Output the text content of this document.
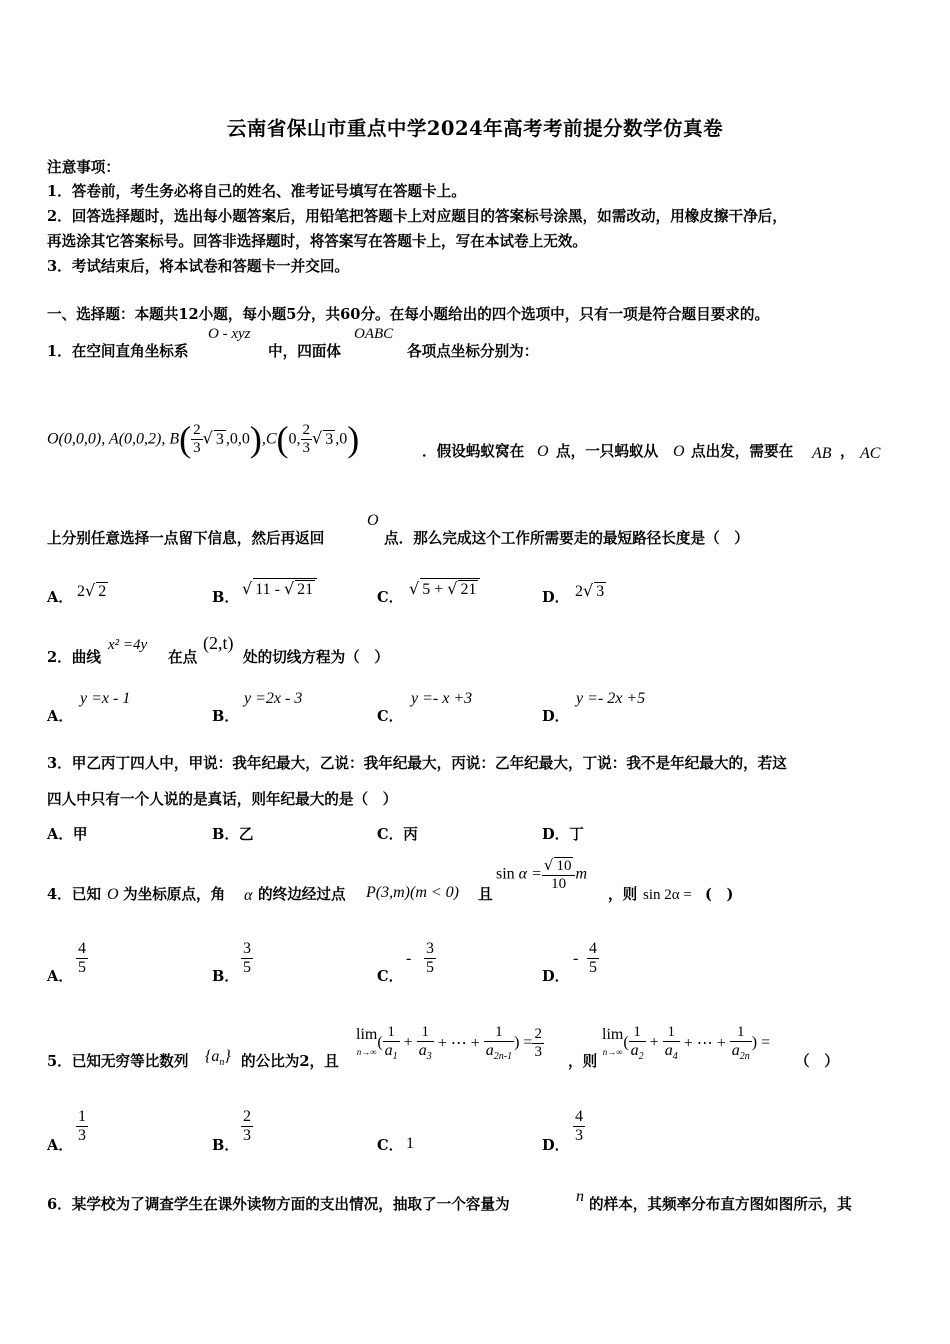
云南省保山市重点中学2024年高考考前提分数学仿真卷
注意事项：
1．答卷前，考生务必将自己的姓名、准考证号填写在答题卡上。
2．回答选择题时，选出每小题答案后，用铅笔把答题卡上对应题目的答案标号涂黑，如需改动，用橡皮擦干净后，
再选涂其它答案标号。回答非选择题时，将答案写在答题卡上，写在本试卷上无效。
3．考试结束后，将本试卷和答题卡一并交回。
一、选择题：本题共12小题，每小题5分，共60分。在每小题给出的四个选项中，只有一项是符合题目要求的。
1．在空间直角坐标系
O - xyz
中，四面体
OABC
各项点坐标分别为：
O(0,0,0), A(0,0,2), $B( \frac{2}{3}$ √ 3 ,0,0),C(0, $\frac{2}{3}$ √ 3 ,0)	．假设蚂蚁窝在 O 点，一只蚂蚁从 O 点出发，需要在 AB ， AC
上分别任意选择一点留下信息，然后再返回
O
点．那么完成这个工作所需要走的最短路径长度是（　）
A． 2√ 2	B． √ 11 - √ 21	C． √ 5 + √ 21	D． 2√ 3
2．曲线
x² =4y
在点
(2,t)
处的切线方程为（　）
A．
y =x - 1
B．
y =2x - 3
C．
y =- x +3
D．
y =- 2x +5
3．甲乙丙丁四人中，甲说：我年纪最大，乙说：我年纪最大，丙说：乙年纪最大，丁说：我不是年纪最大的，若这
四人中只有一个人说的是真话，则年纪最大的是（　）
A．甲	B．乙	C．丙	D．丁
4．已知 O 为坐标原点，角 α 的终边经过点 P(3,m)(m < 0) 且
$\sin \alpha = \frac{√ 10}{10}$ m
，则 sin 2α = (　)
A． $\frac{4}{5}$	B． $\frac{3}{5}$	C．
- $\frac{3}{5}$	D．
- $\frac{4}{5}$
5．已知无穷等比数列 $\{a_n\}$ 的公比为2，且
lim
$n\to\infty( \frac{1}{a_1} + \frac{1}{a_3}$ + ⋯ + $\frac{1}{a_{2n-1}}$ ) = $\frac{2}{3}$
，则
lim
$n\to\infty( \frac{1}{a_2} + \frac{1}{a_4}$ + ⋯ + $\frac{1}{a_{2n}}$ ) =
（　）
A．
$\frac{1}{3}$
B．
$\frac{2}{3}$
C． 1	D．
$\frac{4}{3}$
6．某学校为了调查学生在课外读物方面的支出情况，抽取了一个容量为	n 的样本，其频率分布直方图如图所示，其
